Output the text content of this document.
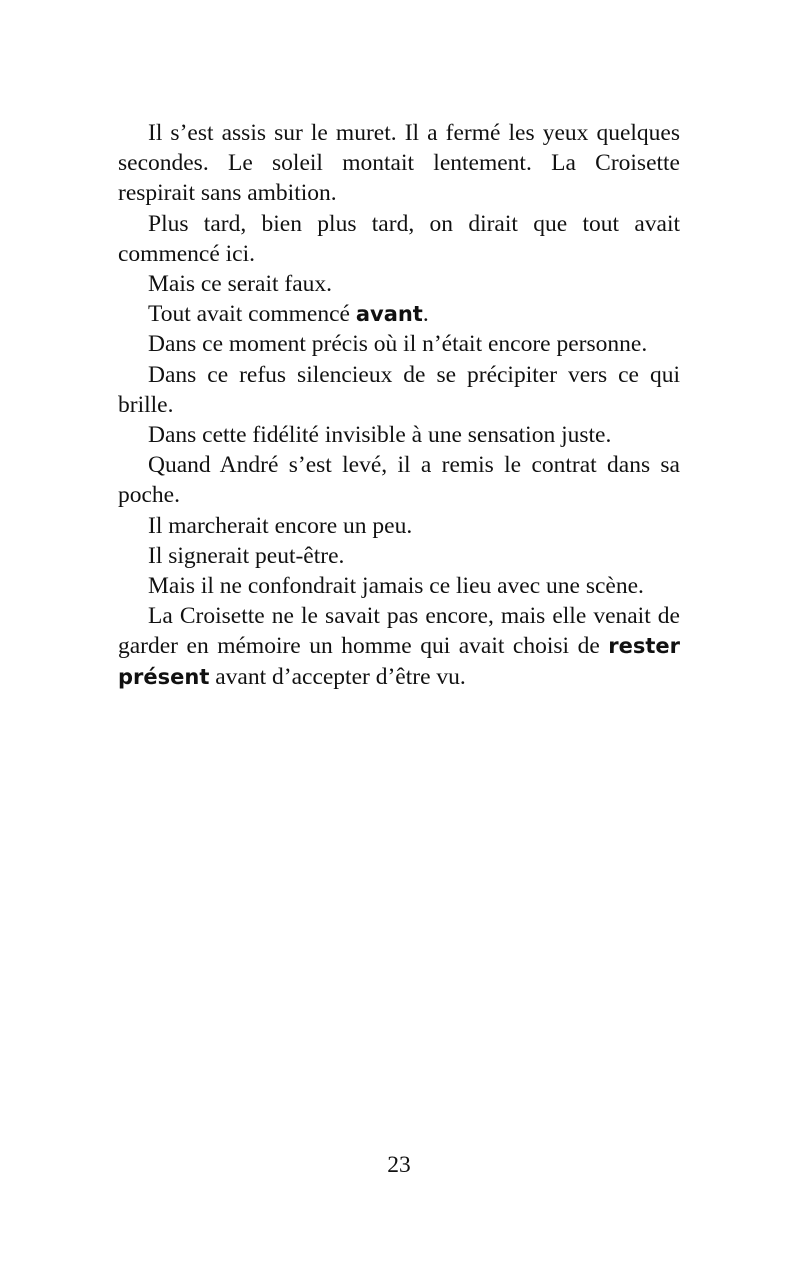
Il s’est assis sur le muret. Il a fermé les yeux quelques secondes. Le soleil montait lentement. La Croisette respirait sans ambition.

Plus tard, bien plus tard, on dirait que tout avait commencé ici.

Mais ce serait faux.

Tout avait commencé avant.

Dans ce moment précis où il n’était encore personne.

Dans ce refus silencieux de se précipiter vers ce qui brille.

Dans cette fidélité invisible à une sensation juste.

Quand André s’est levé, il a remis le contrat dans sa poche.

Il marcherait encore un peu.

Il signerait peut-être.

Mais il ne confondrait jamais ce lieu avec une scène.

La Croisette ne le savait pas encore, mais elle venait de garder en mémoire un homme qui avait choisi de rester présent avant d’accepter d’être vu.

23
